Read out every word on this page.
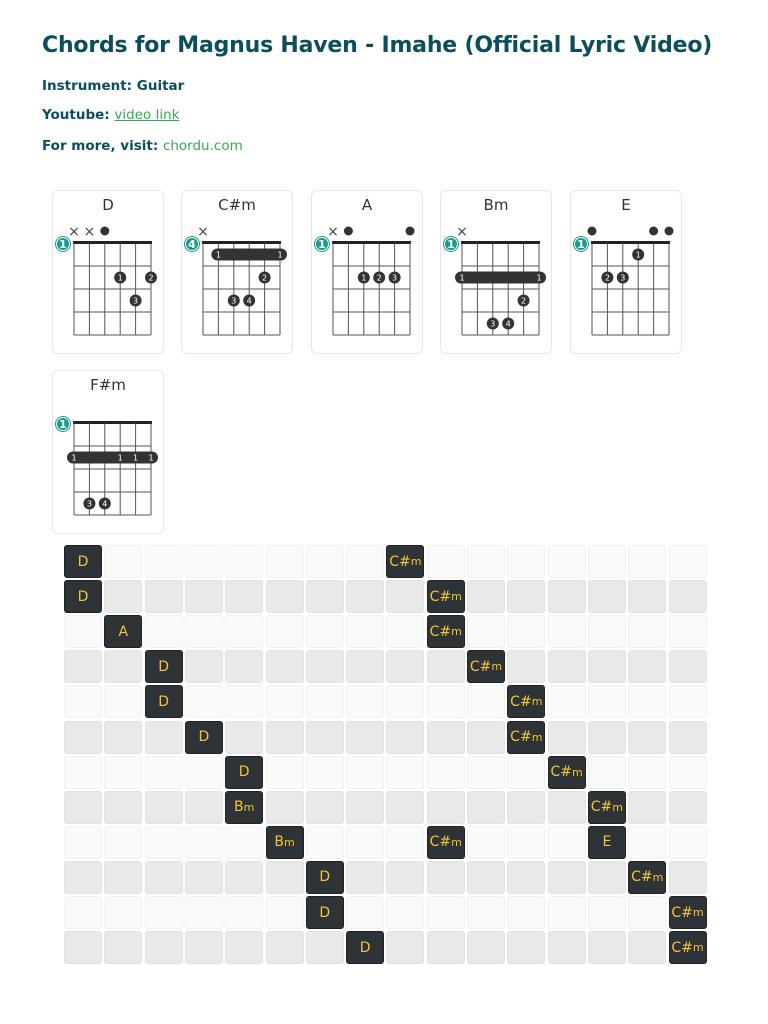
Chords for Magnus Haven - Imahe (Official Lyric Video)
Instrument: Guitar
Youtube: video link
For more, visit: chordu.com
D
1
× ×
1	2
3
C#m
4
×
1	1
2
3 4
A
1
×
1 2 3
Bm
1
×
1	1
2
3 4
E
1
1
2 3
F#m
1
1	1 1 1
3 4
D	C# m
D	C# m
A	C# m
D	C# m
D	C# m
D	C# m
D	C# m
B m	C# m
B m	C# m	E
D	C# m
D	C# m
D	C# m
